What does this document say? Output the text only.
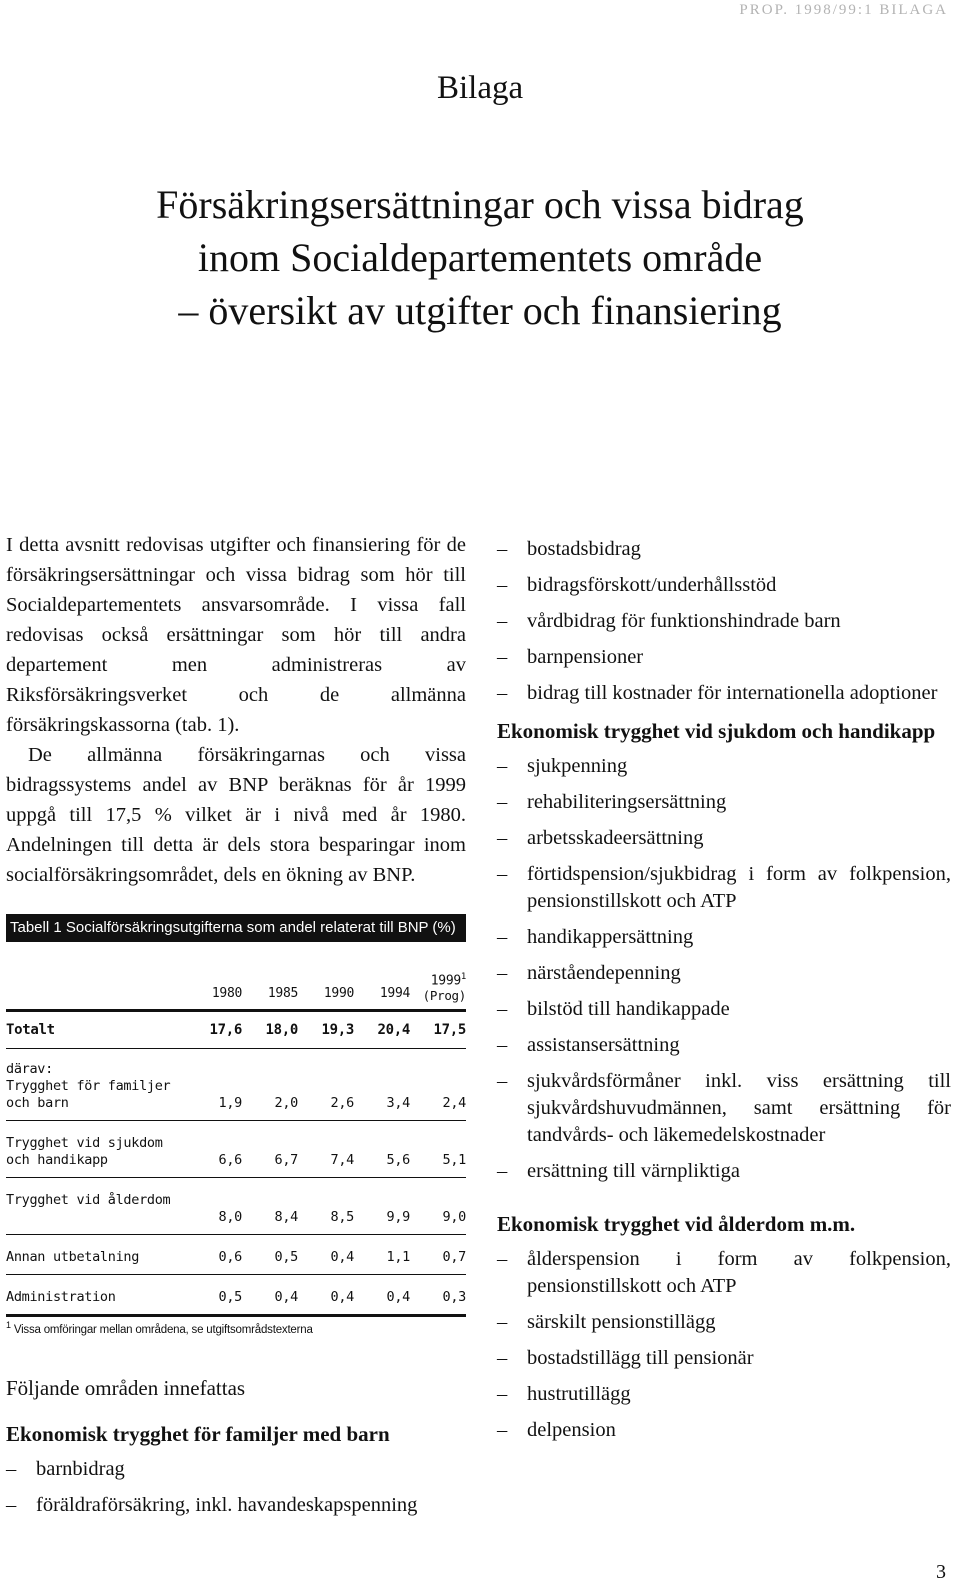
PROP. 1998/99:1 BILAGA
Bilaga
Försäkringsersättningar och vissa bidrag
inom Socialdepartementets område
– översikt av utgifter och finansiering

I detta avsnitt redovisas utgifter och finansiering för de försäkringsersättningar och vissa bidrag som hör till Socialdepartementets ansvarsområde. I vissa fall redovisas också ersättningar som hör till andra departement men administreras av Riksförsäkringsverket och de allmänna försäkringskassorna (tab. 1).

De allmänna försäkringarnas och vissa bidragssystems andel av BNP beräknas för år 1999 uppgå till 17,5 % vilket är i nivå med år 1980. Andelningen till detta är dels stora besparingar inom socialförsäkringsområdet, dels en ökning av BNP.

Tabell 1 Socialförsäkringsutgifterna som andel relaterat till BNP (%)
	1980	1985	1990	1994	1999$^1$
(Prog)

Totalt	17,6	18,0	19,3	20,4	17,5
därav:					
Trygghet för familjer					
och barn	1,9	2,0	2,6	3,4	2,4
Trygghet vid sjukdom					
och handikapp	6,6	6,7	7,4	5,6	5,1
Trygghet vid ålderdom					
	8,0	8,4	8,5	9,9	9,0
Annan utbetalning	0,6	0,5	0,4	1,1	0,7
Administration	0,5	0,4	0,4	0,4	0,3
$^1$ Vissa omföringar mellan områdena, se utgiftsområdstexterna
Följande områden innefattas
Ekonomisk trygghet för familjer med barn
– barnbidrag
– föräldraförsäkring, inkl. havandeskapspenning
– bostadsbidrag
– bidragsförskott/underhållsstöd
– vårdbidrag för funktionshindrade barn
– barnpensioner
– bidrag till kostnader för internationella adoptioner
Ekonomisk trygghet vid sjukdom och handikapp
– sjukpenning
– rehabiliteringsersättning
– arbetsskadeersättning
– förtidspension/sjukbidrag i form av folkpension, pensionstillskott och ATP
– handikappersättning
– närståendepenning
– bilstöd till handikappade
– assistansersättning
– sjukvårdsförmåner inkl. viss ersättning till sjukvårdshuvudmännen, samt ersättning för tandvårds- och läkemedelskostnader
– ersättning till värnpliktiga
Ekonomisk trygghet vid ålderdom m.m.
– ålderspension i form av folkpension, pensionstillskott och ATP
– särskilt pensionstillägg
– bostadstillägg till pensionär
– hustrutillägg
– delpension
3
